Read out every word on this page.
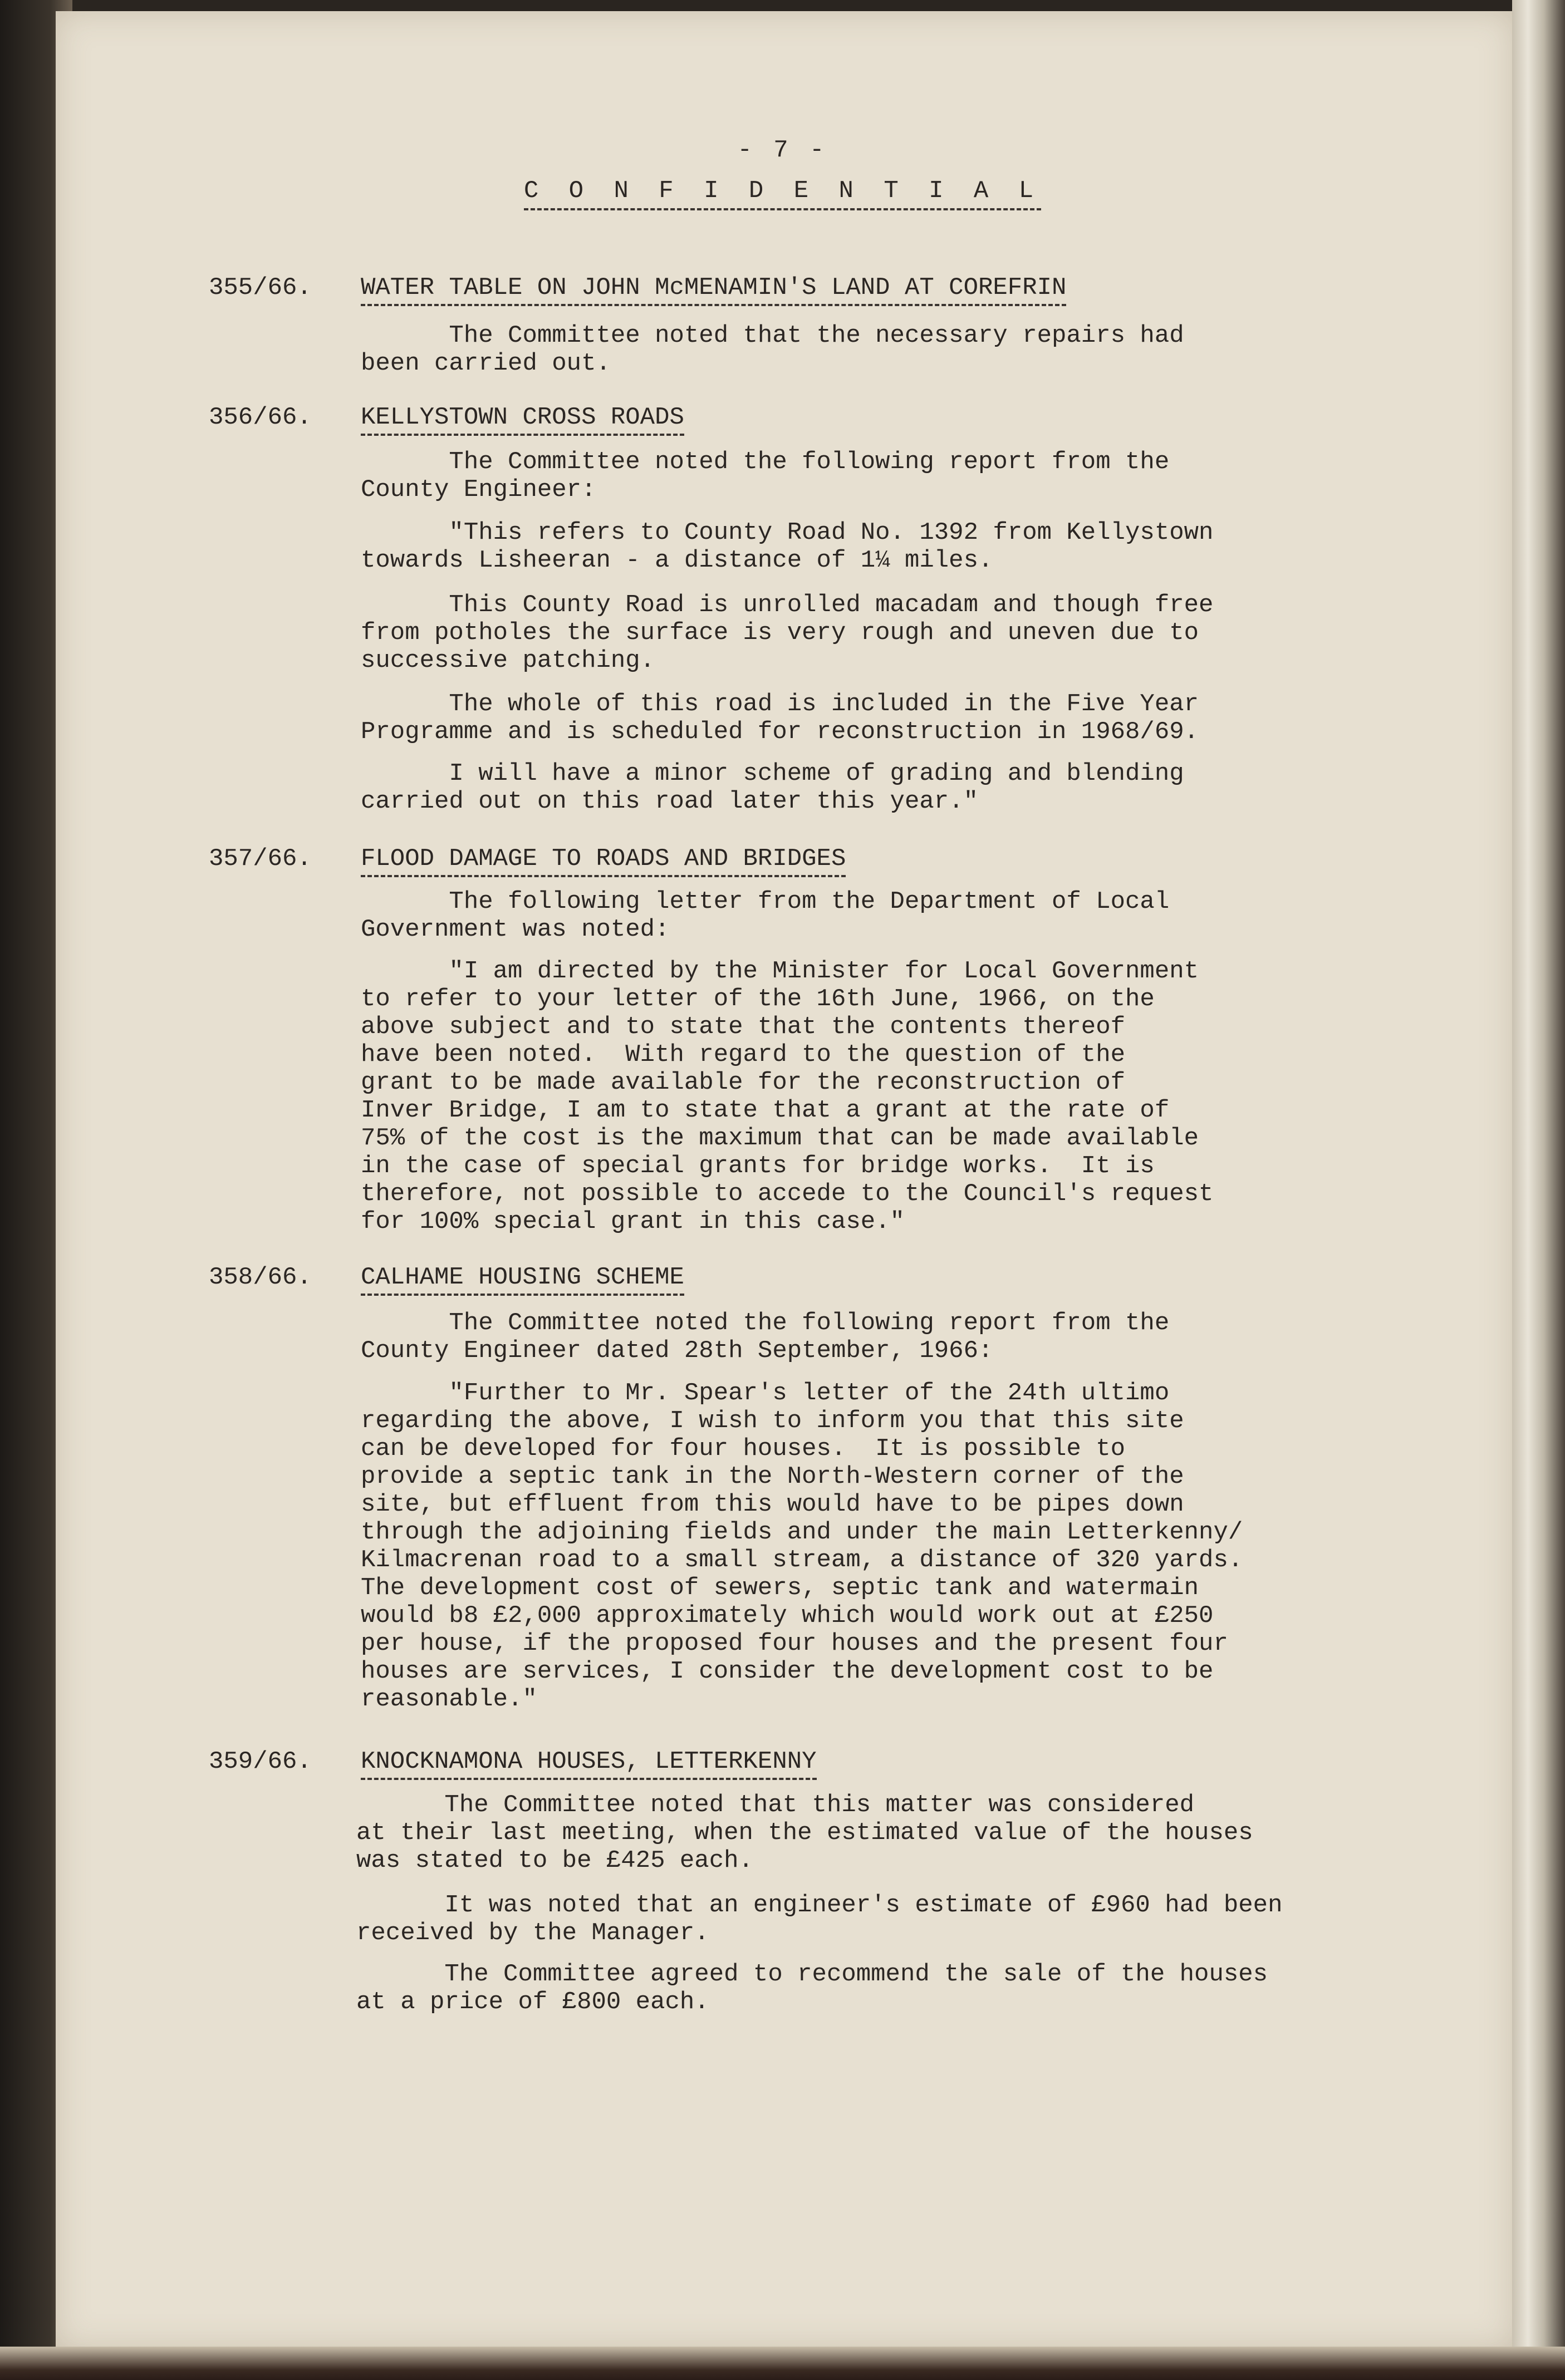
- 7 -
C O N F I D E N T I A L
355/66. WATER TABLE ON JOHN McMENAMIN'S LAND AT COREFRIN
The Committee noted that the necessary repairs had
been carried out.
356/66. KELLYSTOWN CROSS ROADS
The Committee noted the following report from the
County Engineer:
"This refers to County Road No. 1392 from Kellystown
towards Lisheeran - a distance of 1¼ miles.
This County Road is unrolled macadam and though free
from potholes the surface is very rough and uneven due to
successive patching.
The whole of this road is included in the Five Year
Programme and is scheduled for reconstruction in 1968/69.
I will have a minor scheme of grading and blending
carried out on this road later this year."
357/66. FLOOD DAMAGE TO ROADS AND BRIDGES
The following letter from the Department of Local
Government was noted:
"I am directed by the Minister for Local Government
to refer to your letter of the 16th June, 1966, on the
above subject and to state that the contents thereof
have been noted.  With regard to the question of the
grant to be made available for the reconstruction of
Inver Bridge, I am to state that a grant at the rate of
75% of the cost is the maximum that can be made available
in the case of special grants for bridge works.  It is
therefore, not possible to accede to the Council's request
for 100% special grant in this case."
358/66. CALHAME HOUSING SCHEME
The Committee noted the following report from the
County Engineer dated 28th September, 1966:
"Further to Mr. Spear's letter of the 24th ultimo
regarding the above, I wish to inform you that this site
can be developed for four houses.  It is possible to
provide a septic tank in the North-Western corner of the
site, but effluent from this would have to be pipes down
through the adjoining fields and under the main Letterkenny/
Kilmacrenan road to a small stream, a distance of 320 yards.
The development cost of sewers, septic tank and watermain
would b8 £2,000 approximately which would work out at £250
per house, if the proposed four houses and the present four
houses are services, I consider the development cost to be
reasonable."
359/66. KNOCKNAMONA HOUSES, LETTERKENNY
The Committee noted that this matter was considered
at their last meeting, when the estimated value of the houses
was stated to be £425 each.
It was noted that an engineer's estimate of £960 had been
received by the Manager.
The Committee agreed to recommend the sale of the houses
at a price of £800 each.
